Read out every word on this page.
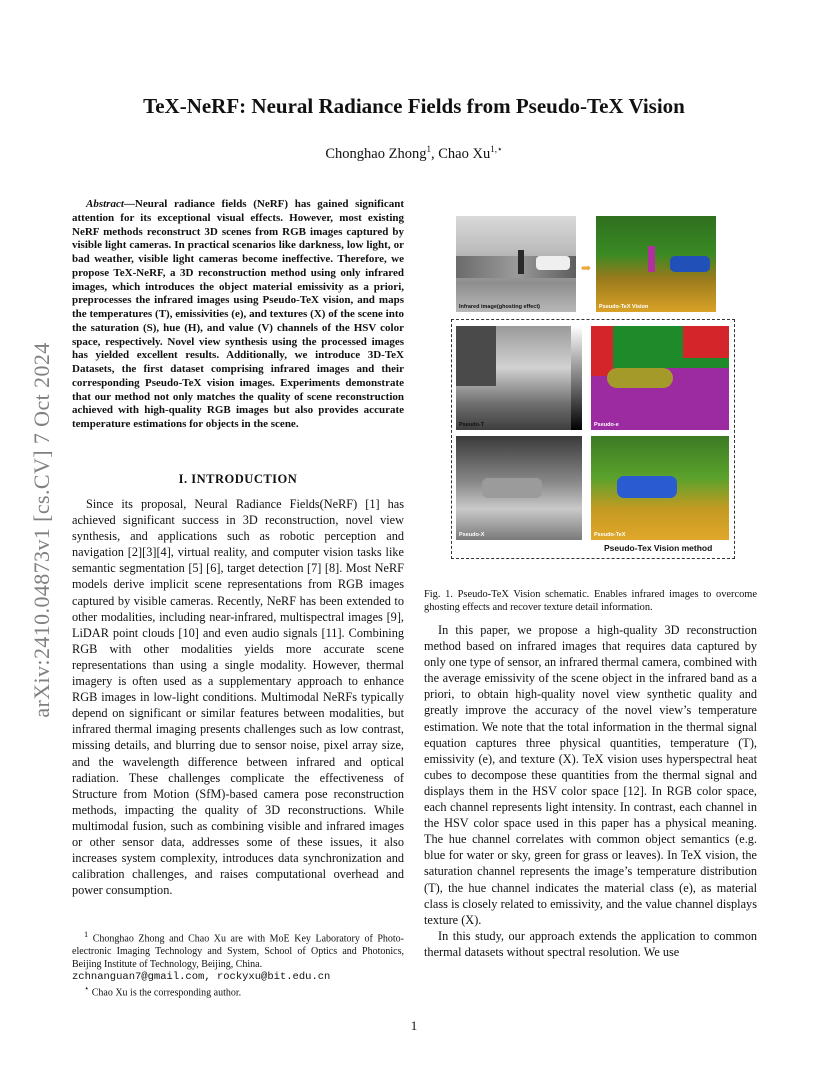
arXiv:2410.04873v1 [cs.CV] 7 Oct 2024
TeX-NeRF: Neural Radiance Fields from Pseudo-TeX Vision
Chonghao Zhong$^1$, Chao $Xu^{1,⋆}$

Abstract—Neural radiance fields (NeRF) has gained significant attention for its exceptional visual effects. However, most existing NeRF methods reconstruct 3D scenes from RGB images captured by visible light cameras. In practical scenarios like darkness, low light, or bad weather, visible light cameras become ineffective. Therefore, we propose TeX-NeRF, a 3D reconstruction method using only infrared images, which introduces the object material emissivity as a priori, preprocesses the infrared images using Pseudo-TeX vision, and maps the temperatures (T), emissivities (e), and textures (X) of the scene into the saturation (S), hue (H), and value (V) channels of the HSV color space, respectively. Novel view synthesis using the processed images has yielded excellent results. Additionally, we introduce 3D-TeX Datasets, the first dataset comprising infrared images and their corresponding Pseudo-TeX vision images. Experiments demonstrate that our method not only matches the quality of scene reconstruction achieved with high-quality RGB images but also provides accurate temperature estimations for objects in the scene.

I. INTRODUCTION

Since its proposal, Neural Radiance Fields(NeRF) [1] has achieved significant success in 3D reconstruction, novel view synthesis, and applications such as robotic perception and navigation [2][3][4], virtual reality, and computer vision tasks like semantic segmentation [5] [6], target detection [7] [8]. Most NeRF models derive implicit scene representations from RGB images captured by visible cameras. Recently, NeRF has been extended to other modalities, including near-infrared, multispectral images [9], LiDAR point clouds [10] and even audio signals [11]. Combining RGB with other modalities yields more accurate scene representations than using a single modality. However, thermal imagery is often used as a supplementary approach to enhance RGB images in low-light conditions. Multimodal NeRFs typically depend on significant or similar features between modalities, but infrared thermal imaging presents challenges such as low contrast, missing details, and blurring due to sensor noise, pixel array size, and the wavelength difference between infrared and optical radiation. These challenges complicate the effectiveness of Structure from Motion (SfM)-based camera pose reconstruction methods, impacting the quality of 3D reconstructions. While multimodal fusion, such as combining visible and infrared images or other sensor data, addresses some of these issues, it also increases system complexity, introduces data synchronization and calibration challenges, and raises computational overhead and power consumption.

$^1$ Chonghao Zhong and Chao Xu are with MoE Key Laboratory of Photo-electronic Imaging Technology and System, School of Optics and Photonics, Beijing Institute of Technology, Beijing, China.
zchnanguan7@gmail.com, rockyxu@bit.edu.cn

⋆ Chao Xu is the corresponding author.

Infrared image(ghosting effect)
➡
Pseudo-TeX Vision
Pseudo-T	Pseudo-e
Pseudo-X	Pseudo-TeX
Pseudo-Tex Vision method

Fig. 1. Pseudo-TeX Vision schematic. Enables infrared images to overcome ghosting effects and recover texture detail information.

In this paper, we propose a high-quality 3D reconstruction method based on infrared images that requires data captured by only one type of sensor, an infrared thermal camera, combined with the average emissivity of the scene object in the infrared band as a priori, to obtain high-quality novel view synthetic quality and greatly improve the accuracy of the novel view’s temperature estimation. We note that the total information in the thermal signal equation captures three physical quantities, temperature (T), emissivity (e), and texture (X). TeX vision uses hyperspectral heat cubes to decompose these quantities from the thermal signal and displays them in the HSV color space [12]. In RGB color space, each channel represents light intensity. In contrast, each channel in the HSV color space used in this paper has a physical meaning. The hue channel correlates with common object semantics (e.g. blue for water or sky, green for grass or leaves). In TeX vision, the saturation channel represents the image’s temperature distribution (T), the hue channel indicates the material class (e), as material class is closely related to emissivity, and the value channel displays texture (X).

In this study, our approach extends the application to common thermal datasets without spectral resolution. We use

1
